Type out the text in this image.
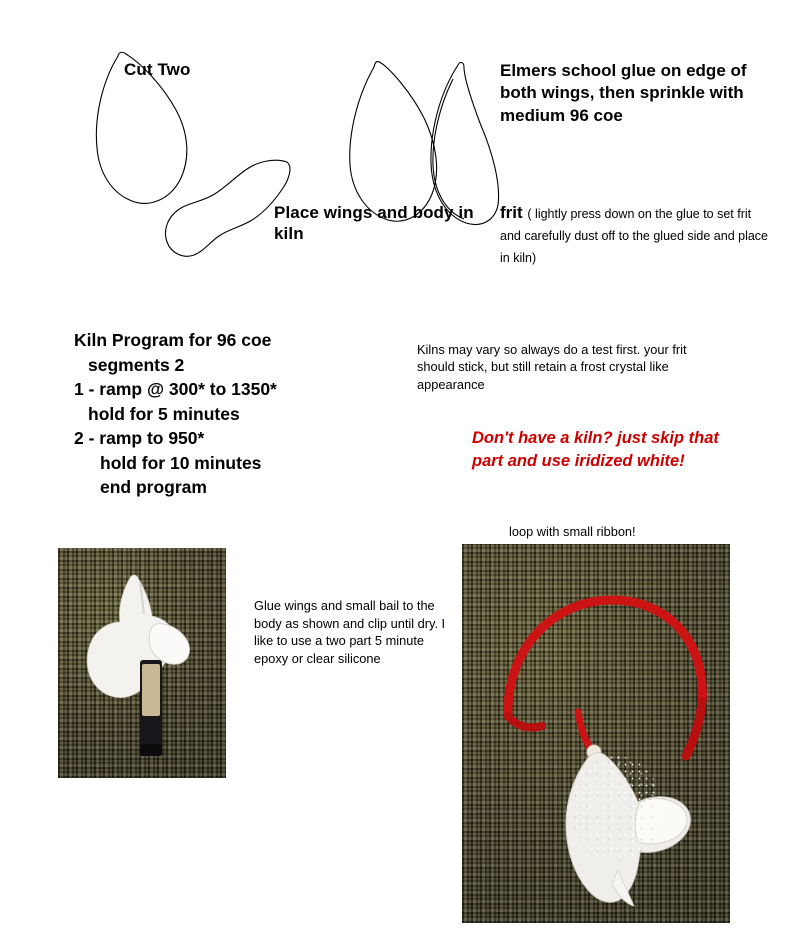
Cut Two
Place wings and body in kiln
Elmers school glue on edge of both wings, then sprinkle with medium 96 coe
frit ( lightly press down on the glue to set frit and carefully dust off to the glued side and place in kiln)
Kiln Program for 96 coe
segments 2
1 - ramp @ 300* to 1350*
hold for 5 minutes
2 - ramp to 950*
hold for 10 minutes
end program
Kilns may vary so always do a test first. your frit should stick, but still retain a frost crystal like appearance
Don't have a kiln? just skip that part and use iridized white!
loop with small ribbon!
Glue wings and small bail to the body as shown and clip until dry. I like to use a two part 5 minute epoxy or clear silicone
